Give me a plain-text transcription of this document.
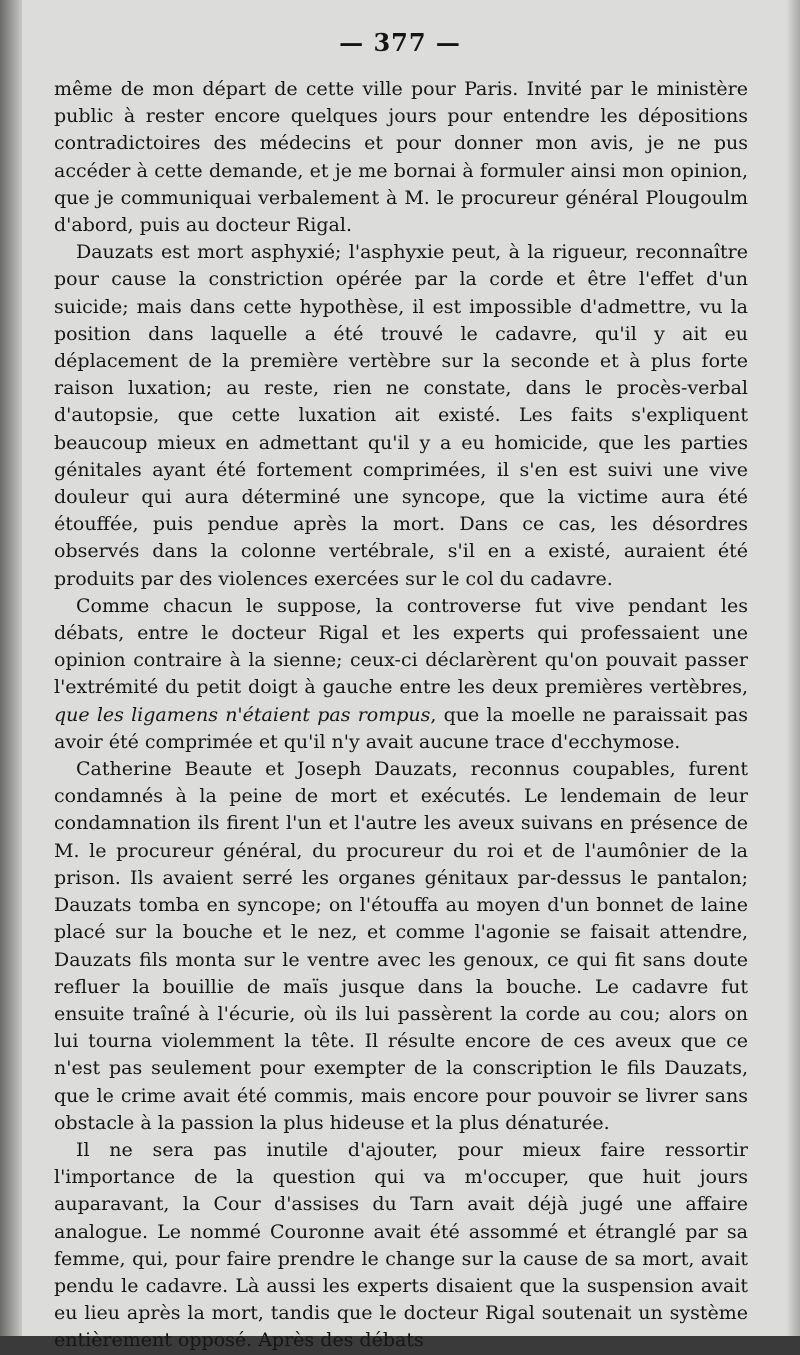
— 377 —

même de mon départ de cette ville pour Paris. Invité par le ministère public à rester encore quelques jours pour entendre les dépositions contradictoires des médecins et pour donner mon avis, je ne pus accéder à cette demande, et je me bornai à formuler ainsi mon opinion, que je communiquai verbalement à M. le procureur général Plougoulm d'abord, puis au docteur Rigal.

Dauzats est mort asphyxié; l'asphyxie peut, à la rigueur, reconnaître pour cause la constriction opérée par la corde et être l'effet d'un suicide; mais dans cette hypothèse, il est impossible d'admettre, vu la position dans laquelle a été trouvé le cadavre, qu'il y ait eu déplacement de la première vertèbre sur la seconde et à plus forte raison luxation; au reste, rien ne constate, dans le procès-verbal d'autopsie, que cette luxation ait existé. Les faits s'expliquent beaucoup mieux en admettant qu'il y a eu homicide, que les parties génitales ayant été fortement comprimées, il s'en est suivi une vive douleur qui aura déterminé une syncope, que la victime aura été étouffée, puis pendue après la mort. Dans ce cas, les désordres observés dans la colonne vertébrale, s'il en a existé, auraient été produits par des violences exercées sur le col du cadavre.

Comme chacun le suppose, la controverse fut vive pendant les débats, entre le docteur Rigal et les experts qui professaient une opinion contraire à la sienne; ceux-ci déclarèrent qu'on pouvait passer l'extrémité du petit doigt à gauche entre les deux premières vertèbres, que les ligamens n'étaient pas rompus, que la moelle ne paraissait pas avoir été comprimée et qu'il n'y avait aucune trace d'ecchymose.

Catherine Beaute et Joseph Dauzats, reconnus coupables, furent condamnés à la peine de mort et exécutés. Le lendemain de leur condamnation ils firent l'un et l'autre les aveux suivans en présence de M. le procureur général, du procureur du roi et de l'aumônier de la prison. Ils avaient serré les organes génitaux par-dessus le pantalon; Dauzats tomba en syncope; on l'étouffa au moyen d'un bonnet de laine placé sur la bouche et le nez, et comme l'agonie se faisait attendre, Dauzats fils monta sur le ventre avec les genoux, ce qui fit sans doute refluer la bouillie de maïs jusque dans la bouche. Le cadavre fut ensuite traîné à l'écurie, où ils lui passèrent la corde au cou; alors on lui tourna violemment la tête. Il résulte encore de ces aveux que ce n'est pas seulement pour exempter de la conscription le fils Dauzats, que le crime avait été commis, mais encore pour pouvoir se livrer sans obstacle à la passion la plus hideuse et la plus dénaturée.

Il ne sera pas inutile d'ajouter, pour mieux faire ressortir l'importance de la question qui va m'occuper, que huit jours auparavant, la Cour d'assises du Tarn avait déjà jugé une affaire analogue. Le nommé Couronne avait été assommé et étranglé par sa femme, qui, pour faire prendre le change sur la cause de sa mort, avait pendu le cadavre. Là aussi les experts disaient que la suspension avait eu lieu après la mort, tandis que le docteur Rigal soutenait un système entièrement opposé. Après des débats
